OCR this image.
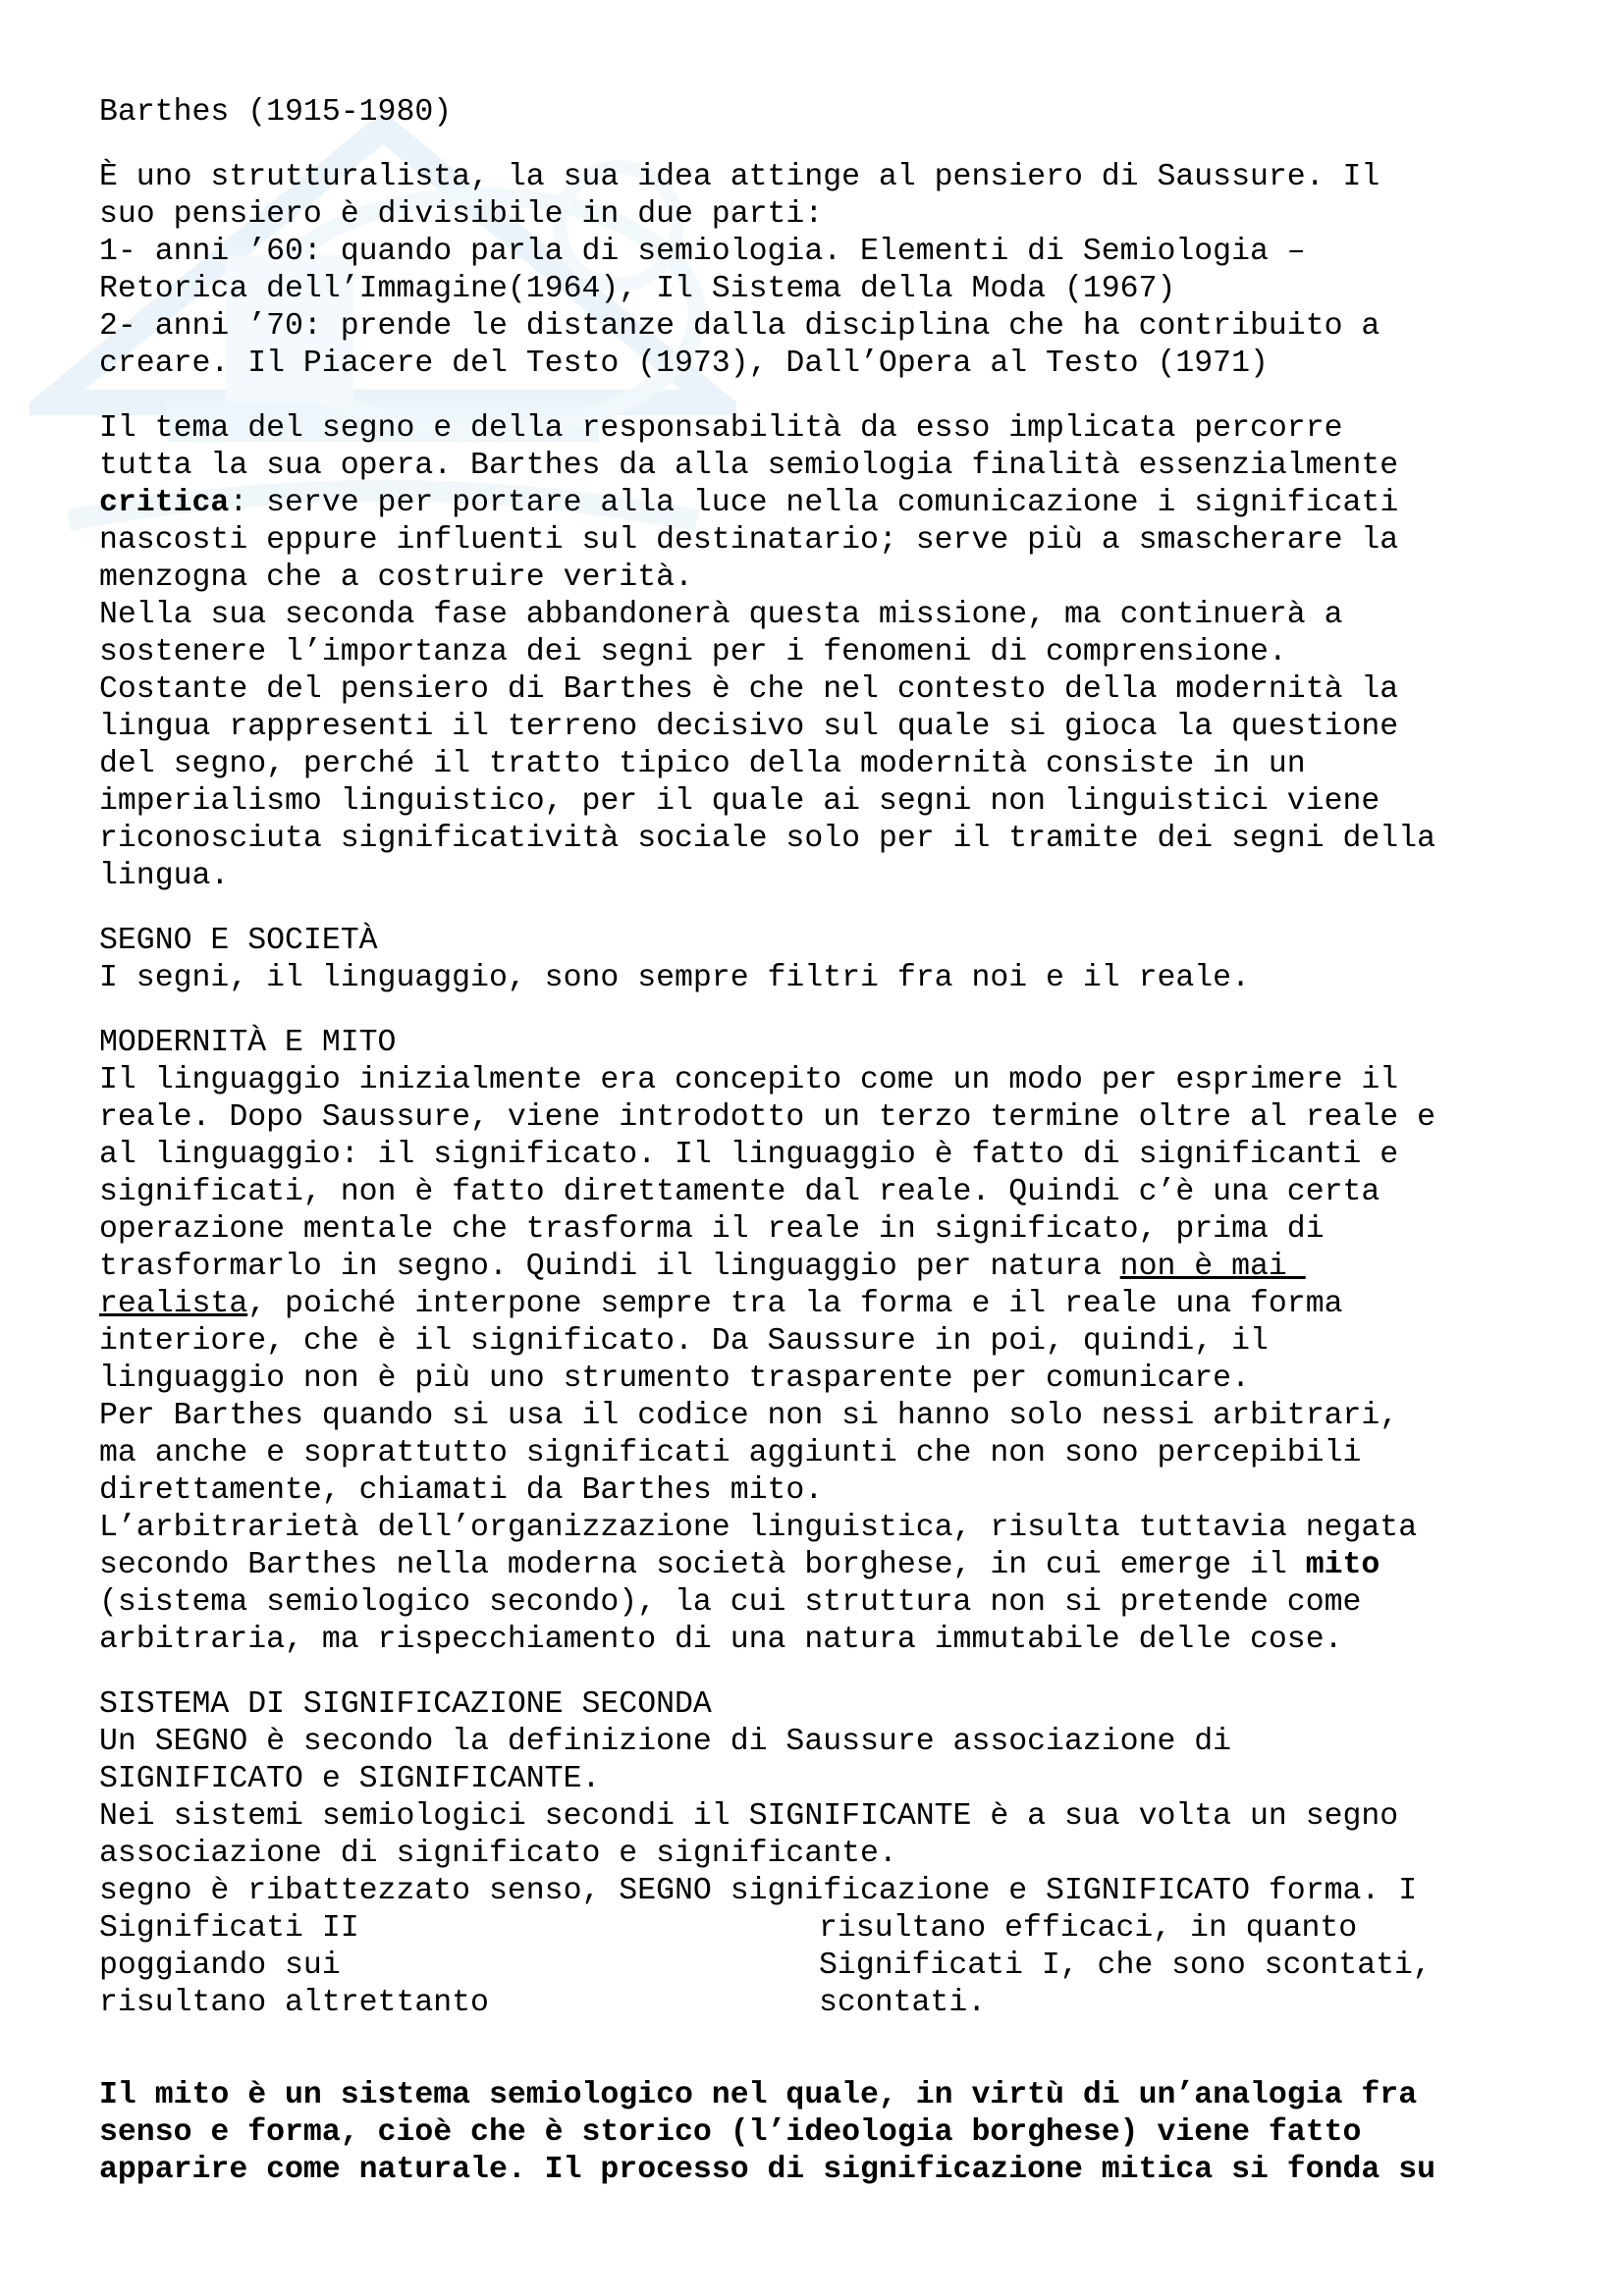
Barthes (1915-1980)
È uno strutturalista, la sua idea attinge al pensiero di Saussure. Il
suo pensiero è divisibile in due parti:
1- anni ’60: quando parla di semiologia. Elementi di Semiologia –
Retorica dell’Immagine(1964), Il Sistema della Moda (1967)
2- anni ’70: prende le distanze dalla disciplina che ha contribuito a
creare. Il Piacere del Testo (1973), Dall’Opera al Testo (1971)
Il tema del segno e della responsabilità da esso implicata percorre
tutta la sua opera. Barthes da alla semiologia finalità essenzialmente
critica: serve per portare alla luce nella comunicazione i significati
nascosti eppure influenti sul destinatario; serve più a smascherare la
menzogna che a costruire verità.
Nella sua seconda fase abbandonerà questa missione, ma continuerà a
sostenere l’importanza dei segni per i fenomeni di comprensione.
Costante del pensiero di Barthes è che nel contesto della modernità la
lingua rappresenti il terreno decisivo sul quale si gioca la questione
del segno, perché il tratto tipico della modernità consiste in un
imperialismo linguistico, per il quale ai segni non linguistici viene
riconosciuta significatività sociale solo per il tramite dei segni della
lingua.
SEGNO E SOCIETÀ
I segni, il linguaggio, sono sempre filtri fra noi e il reale.
MODERNITÀ E MITO
Il linguaggio inizialmente era concepito come un modo per esprimere il
reale. Dopo Saussure, viene introdotto un terzo termine oltre al reale e
al linguaggio: il significato. Il linguaggio è fatto di significanti e
significati, non è fatto direttamente dal reale. Quindi c’è una certa
operazione mentale che trasforma il reale in significato, prima di
trasformarlo in segno. Quindi il linguaggio per natura non è mai
realista, poiché interpone sempre tra la forma e il reale una forma
interiore, che è il significato. Da Saussure in poi, quindi, il
linguaggio non è più uno strumento trasparente per comunicare.
Per Barthes quando si usa il codice non si hanno solo nessi arbitrari,
ma anche e soprattutto significati aggiunti che non sono percepibili
direttamente, chiamati da Barthes mito.
L’arbitrarietà dell’organizzazione linguistica, risulta tuttavia negata
secondo Barthes nella moderna società borghese, in cui emerge il mito
(sistema semiologico secondo), la cui struttura non si pretende come
arbitraria, ma rispecchiamento di una natura immutabile delle cose.
SISTEMA DI SIGNIFICAZIONE SECONDA
Un SEGNO è secondo la definizione di Saussure associazione di
SIGNIFICATO e SIGNIFICANTE.
Nei sistemi semiologici secondi il SIGNIFICANTE è a sua volta un segno
associazione di significato e significante.
segno è ribattezzato senso, SEGNO significazione e SIGNIFICATO forma. I
Significati II	risultano efficaci, in quanto
poggiando sui	Significati I, che sono scontati,
risultano altrettanto	scontati.
Il mito è un sistema semiologico nel quale, in virtù di un’analogia fra
senso e forma, cioè che è storico (l’ideologia borghese) viene fatto
apparire come naturale. Il processo di significazione mitica si fonda su
